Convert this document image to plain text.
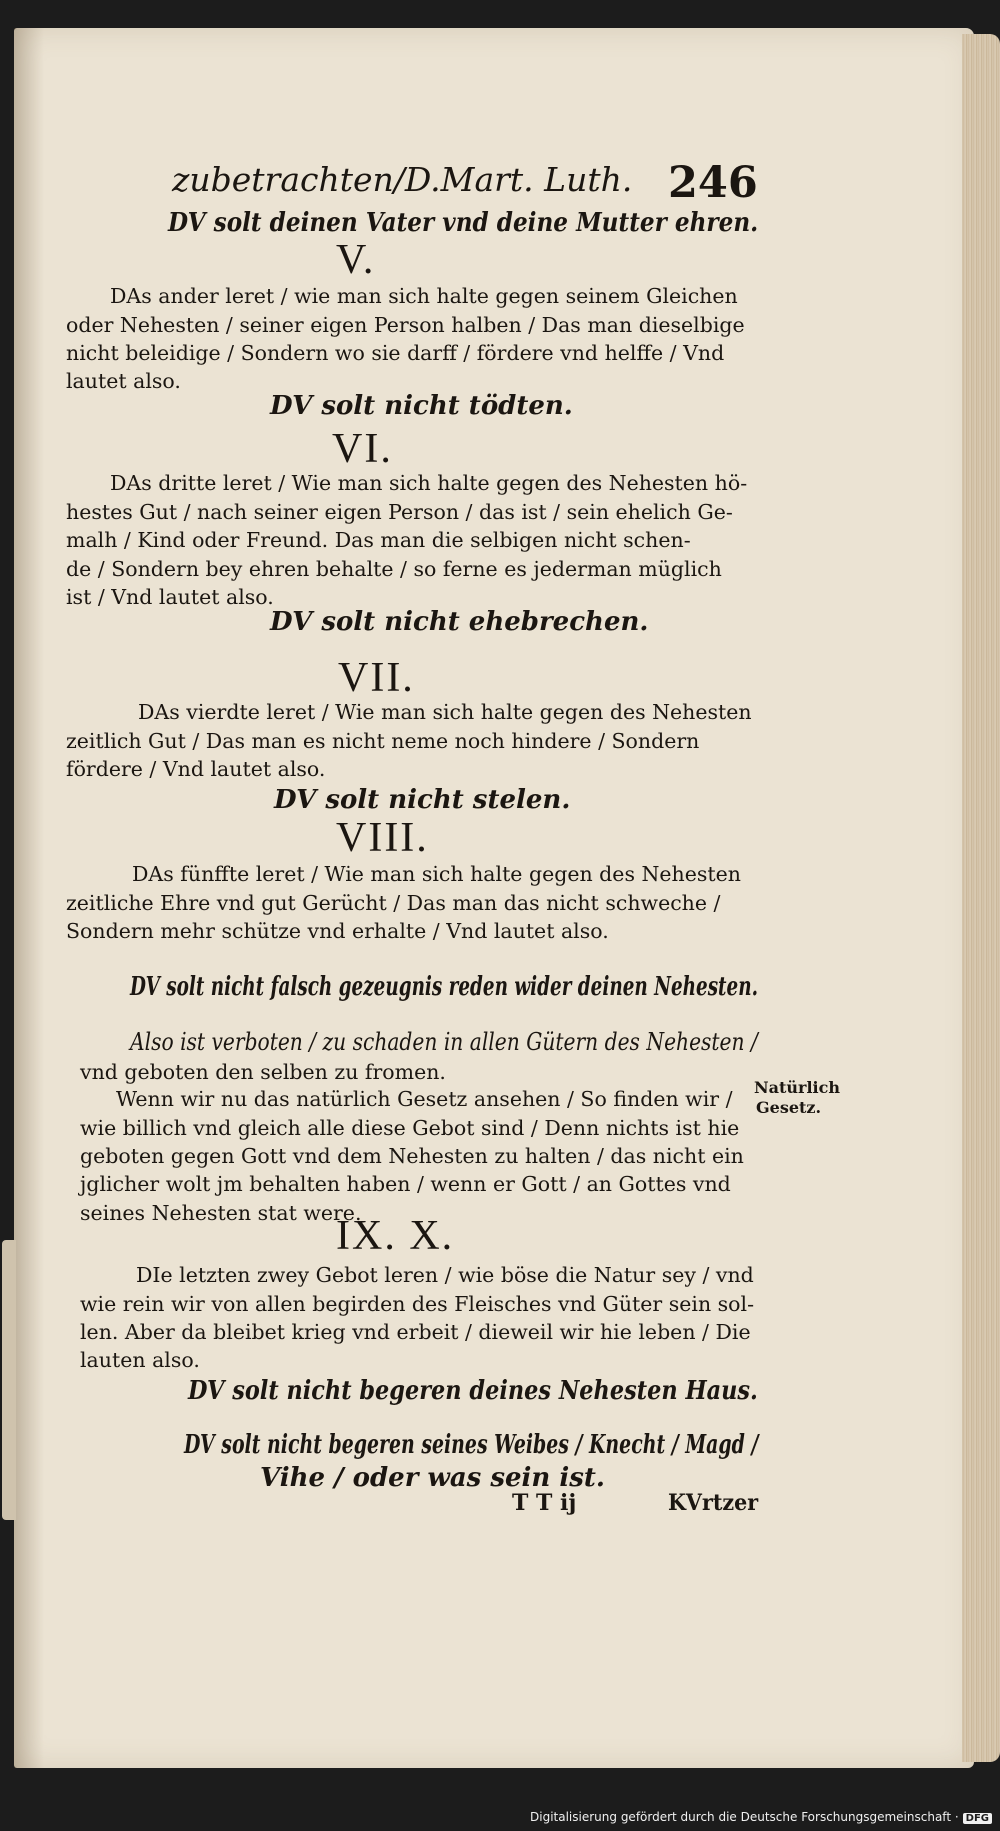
zubetrachten/D.Mart. Luth. 246
DV solt deinen Vater vnd deine Mutter ehren.
V.
DAs ander leret / wie man sich halte gegen seinem Gleichen
oder Nehesten / seiner eigen Person halben / Das man dieselbige
nicht beleidige / Sondern wo sie darff / fördere vnd helffe / Vnd
lautet also.
DV solt nicht tödten.
VI.
DAs dritte leret / Wie man sich halte gegen des Nehesten hö-
hestes Gut / nach seiner eigen Person / das ist / sein ehelich Ge-
malh / Kind oder Freund. Das man die selbigen nicht schen-
de / Sondern bey ehren behalte / so ferne es jederman müglich
ist / Vnd lautet also.
DV solt nicht ehebrechen.
VII.
DAs vierdte leret / Wie man sich halte gegen des Nehesten
zeitlich Gut / Das man es nicht neme noch hindere / Sondern
fördere / Vnd lautet also.
DV solt nicht stelen.
VIII.
DAs fünffte leret / Wie man sich halte gegen des Nehesten
zeitliche Ehre vnd gut Gerücht / Das man das nicht schweche /
Sondern mehr schütze vnd erhalte / Vnd lautet also.
DV solt nicht falsch gezeugnis reden wider deinen Nehesten.
Also ist verboten / zu schaden in allen Gütern des Nehesten /
vnd geboten den selben zu fromen.
Wenn wir nu das natürlich Gesetz ansehen / So finden wir /
wie billich vnd gleich alle diese Gebot sind / Denn nichts ist hie
geboten gegen Gott vnd dem Nehesten zu halten / das nicht ein
jglicher wolt jm behalten haben / wenn er Gott / an Gottes vnd
seines Nehesten stat were.
IX. X.
DIe letzten zwey Gebot leren / wie böse die Natur sey / vnd
wie rein wir von allen begirden des Fleisches vnd Güter sein sol-
len. Aber da bleibet krieg vnd erbeit / dieweil wir hie leben / Die
lauten also.
DV solt nicht begeren deines Nehesten Haus.
DV solt nicht begeren seines Weibes / Knecht / Magd /
Vihe / oder was sein ist.
Natürlich
Gesetz.
T T ij	KVrtzer
Digitalisierung gefördert durch die Deutsche Forschungsgemeinschaft · DFG
